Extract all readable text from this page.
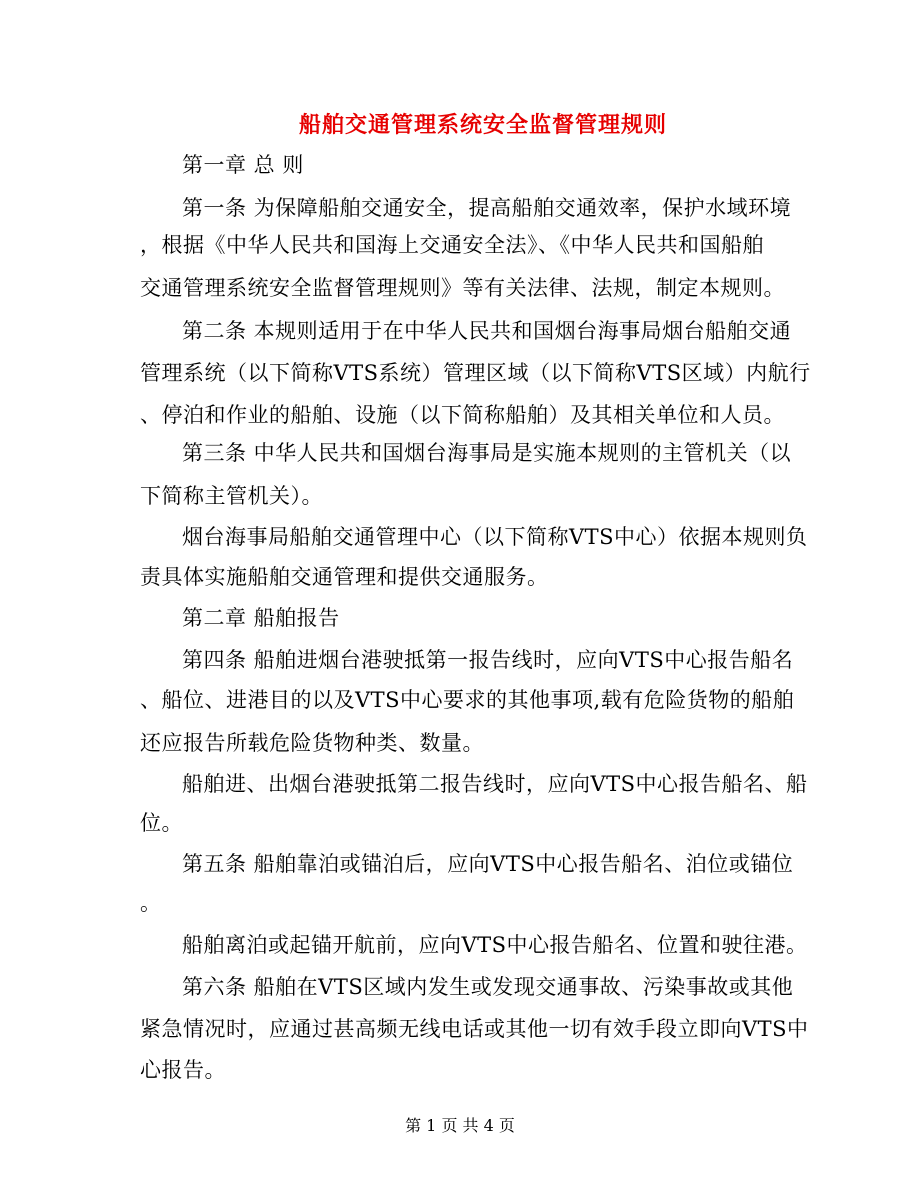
船舶交通管理系统安全监督管理规则
第一章 总 则
第一条 为保障船舶交通安全，提高船舶交通效率，保护水域环境
，根据《中华人民共和国海上交通安全法》、《中华人民共和国船舶
交通管理系统安全监督管理规则》等有关法律、法规，制定本规则。
第二条 本规则适用于在中华人民共和国烟台海事局烟台船舶交通
管理系统（以下简称VTS系统）管理区域（以下简称VTS区域）内航行
、停泊和作业的船舶、设施（以下简称船舶）及其相关单位和人员。
第三条 中华人民共和国烟台海事局是实施本规则的主管机关（以
下简称主管机关）。
烟台海事局船舶交通管理中心（以下简称VTS中心）依据本规则负
责具体实施船舶交通管理和提供交通服务。
第二章 船舶报告
第四条 船舶进烟台港驶抵第一报告线时，应向VTS中心报告船名
、船位、进港目的以及VTS中心要求的其他事项,载有危险货物的船舶
还应报告所载危险货物种类、数量。
船舶进、出烟台港驶抵第二报告线时，应向VTS中心报告船名、船
位。
第五条 船舶靠泊或锚泊后，应向VTS中心报告船名、泊位或锚位
。
船舶离泊或起锚开航前，应向VTS中心报告船名、位置和驶往港。
第六条 船舶在VTS区域内发生或发现交通事故、污染事故或其他
紧急情况时，应通过甚高频无线电话或其他一切有效手段立即向VTS中
心报告。
第 1 页 共 4 页
